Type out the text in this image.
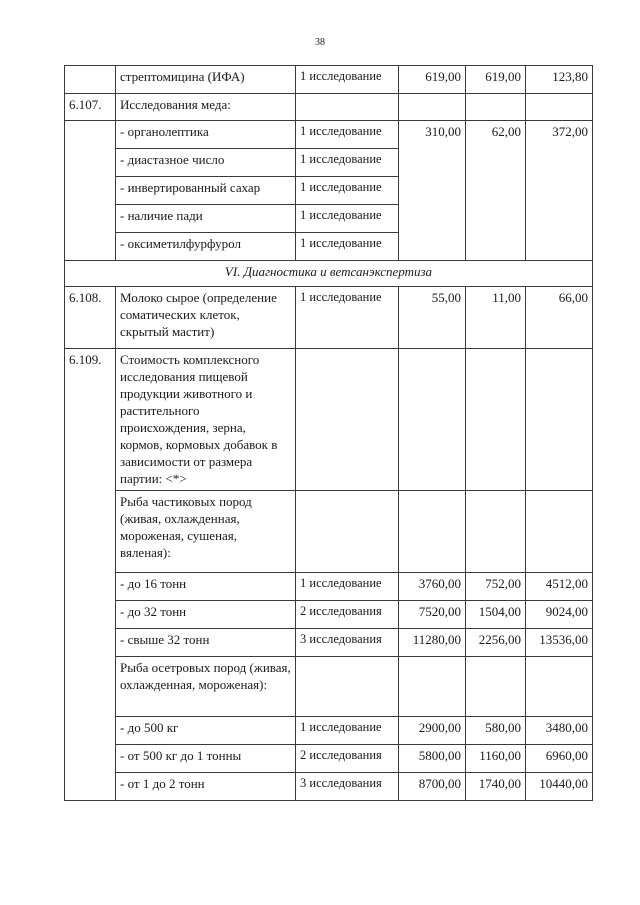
38
	стрептомицина (ИФА)	1 исследование	619,00	619,00	123,80
6.107.	Исследования меда:				
	- органолептика	1 исследование	310,00	62,00	372,00
	- диастазное число	1 исследование			
	- инвертированный сахар	1 исследование			
	- наличие пади	1 исследование			
	- оксиметилфурфурол	1 исследование			
VI. Диагностика и ветсанэкспертиза					
6.108.	Молоко сырое (определение соматических клеток, скрытый мастит)	1 исследование	55,00	11,00	66,00
6.109.	Стоимость комплексного исследования пищевой продукции животного и растительного происхождения, зерна, кормов, кормовых добавок в зависимости от размера партии: <*>				
	Рыба частиковых пород (живая, охлажденная, мороженая, сушеная, вяленая):				
	- до 16 тонн	1 исследование	3760,00	752,00	4512,00
	- до 32 тонн	2 исследования	7520,00	1504,00	9024,00
	- свыше 32 тонн	3 исследования	11280,00	2256,00	13536,00
	Рыба осетровых пород (живая, охлажденная, мороженая):				
	- до 500 кг	1 исследование	2900,00	580,00	3480,00
	- от 500 кг до 1 тонны	2 исследования	5800,00	1160,00	6960,00
	- от 1 до 2 тонн	3 исследования	8700,00	1740,00	10440,00
